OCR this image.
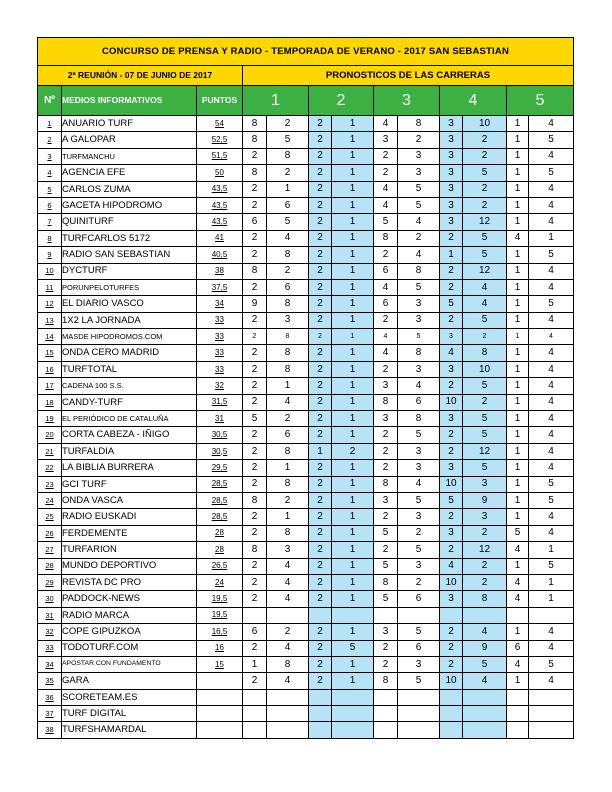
CONCURSO DE PRENSA Y RADIO - TEMPORADA DE VERANO - 2017 SAN SEBASTIAN												
2ª REUNIÓN - 07 DE JUNIO DE 2017			PRONOSTICOS DE LAS CARRERAS									
Nº	MEDIOS INFORMATIVOS	PUNTOS	1		2		3		4		5	
1	ANUARIO TURF	54	8	2	2	1	4	8	3	10	1	4
2	A GALOPAR	52,5	8	5	2	1	3	2	3	2	1	5
3	TURFMANCHU	51,5	2	8	2	1	2	3	3	2	1	4
4	AGENCIA EFE	50	8	2	2	1	2	3	3	5	1	5
5	CARLOS ZUMA	43,5	2	1	2	1	4	5	3	2	1	4
6	GACETA HIPODROMO	43,5	2	6	2	1	4	5	3	2	1	4
7	QUINITURF	43,5	6	5	2	1	5	4	3	12	1	4
8	TURFCARLOS 5172	41	2	4	2	1	8	2	2	5	4	1
9	RADIO SAN SEBASTIAN	40,5	2	8	2	1	2	4	1	5	1	5
10	DYCTURF	38	8	2	2	1	6	8	2	12	1	4
11	PORUNPELOTURFES	37,5	2	6	2	1	4	5	2	4	1	4
12	EL DIARIO VASCO	34	9	8	2	1	6	3	5	4	1	5
13	1X2 LA JORNADA	33	2	3	2	1	2	3	2	5	1	4
14	MASDE HIPODROMOS.COM	33	2	8	2	1	4	5	3	2	1	4
15	ONDA CERO MADRID	33	2	8	2	1	4	8	4	8	1	4
16	TURFTOTAL	33	2	8	2	1	2	3	3	10	1	4
17	CADENA 100 S.S.	32	2	1	2	1	3	4	2	5	1	4
18	CANDY-TURF	31,5	2	4	2	1	8	6	10	2	1	4
19	EL PERIÓDICO DE CATALUÑA	31	5	2	2	1	3	8	3	5	1	4
20	CORTA CABEZA - IÑIGO	30,5	2	6	2	1	2	5	2	5	1	4
21	TURFALDIA	30,5	2	8	1	2	2	3	2	12	1	4
22	LA BIBLIA BURRERA	29,5	2	1	2	1	2	3	3	5	1	4
23	GCI TURF	28,5	2	8	2	1	8	4	10	3	1	5
24	ONDA VASCA	28,5	8	2	2	1	3	5	5	9	1	5
25	RADIO EUSKADI	28,5	2	1	2	1	2	3	2	3	1	4
26	FERDEMENTE	28	2	8	2	1	5	2	3	2	5	4
27	TURFARION	28	8	3	2	1	2	5	2	12	4	1
28	MUNDO DEPORTIVO	26,5	2	4	2	1	5	3	4	2	1	5
29	REVISTA DC PRO	24	2	4	2	1	8	2	10	2	4	1
30	PADDOCK-NEWS	19,5	2	4	2	1	5	6	3	8	4	1
31	RADIO MARCA	19,5										
32	COPE GIPUZKOA	16,5	6	2	2	1	3	5	2	4	1	4
33	TODOTURF.COM	16	2	4	2	5	2	6	2	9	6	4
34	APOSTAR CON FUNDAMENTO	15	1	8	2	1	2	3	2	5	4	5
35	GARA		2	4	2	1	8	5	10	4	1	4
36	SCORETEAM.ES											
37	TURF DIGITAL											
38	TURFSHAMARDAL											
